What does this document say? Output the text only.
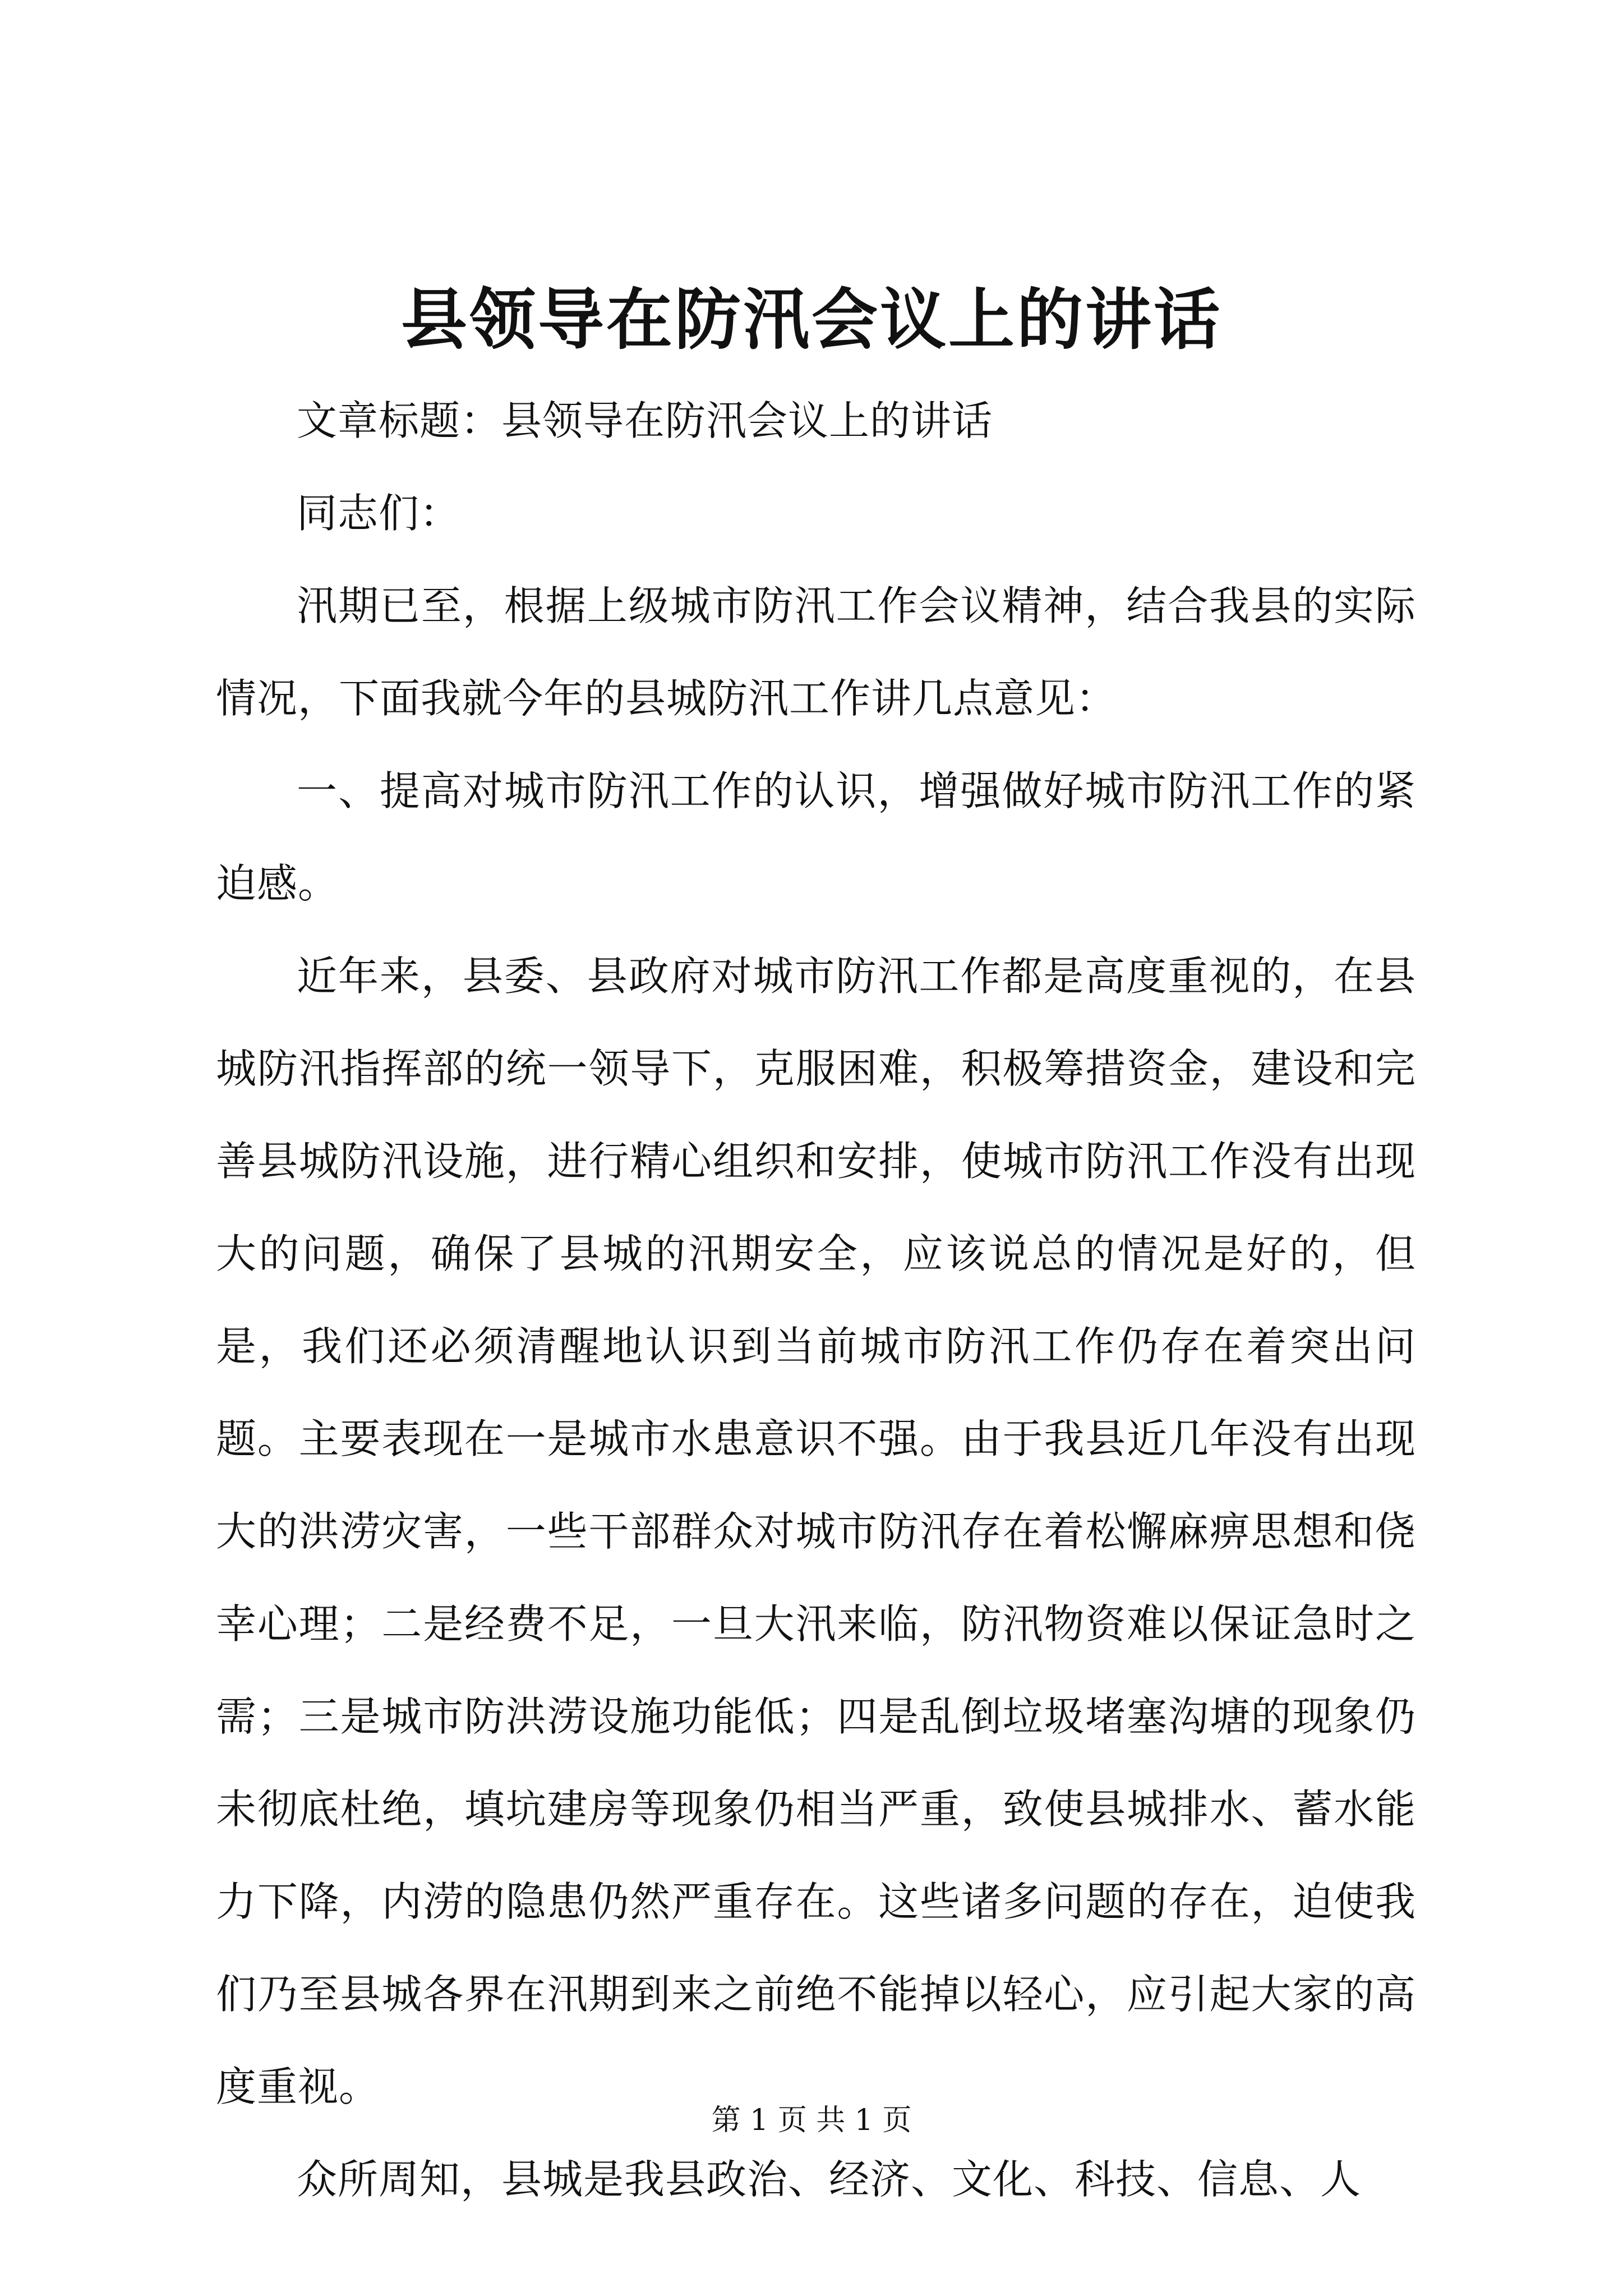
县领导在防汛会议上的讲话

文章标题：县领导在防汛会议上的讲话

同志们：

汛期已至，根据上级城市防汛工作会议精神，结合我县的实际情况，下面我就今年的县城防汛工作讲几点意见：

一、提高对城市防汛工作的认识，增强做好城市防汛工作的紧迫感。

近年来，县委、县政府对城市防汛工作都是高度重视的，在县城防汛指挥部的统一领导下，克服困难，积极筹措资金，建设和完善县城防汛设施，进行精心组织和安排，使城市防汛工作没有出现大的问题，确保了县城的汛期安全，应该说总的情况是好的，但是，我们还必须清醒地认识到当前城市防汛工作仍存在着突出问题。主要表现在一是城市水患意识不强。由于我县近几年没有出现大的洪涝灾害，一些干部群众对城市防汛存在着松懈麻痹思想和侥幸心理；二是经费不足，一旦大汛来临，防汛物资难以保证急时之需；三是城市防洪涝设施功能低；四是乱倒垃圾堵塞沟塘的现象仍未彻底杜绝，填坑建房等现象仍相当严重，致使县城排水、蓄水能力下降，内涝的隐患仍然严重存在。这些诸多问题的存在，迫使我们乃至县城各界在汛期到来之前绝不能掉以轻心，应引起大家的高度重视。

众所周知，县城是我县政治、经济、文化、科技、信息、人

第 1 页 共 1 页
